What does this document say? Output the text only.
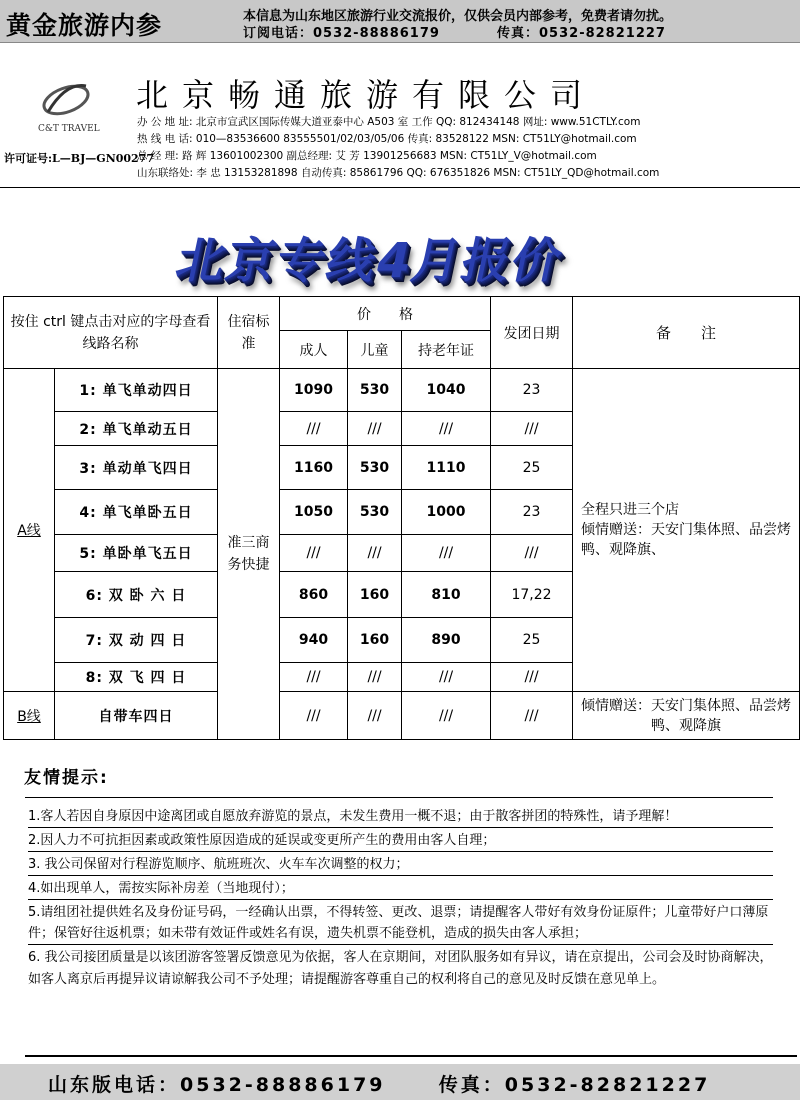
黄金旅游内参	本信息为山东地区旅游行业交流报价，仅供会员内部参考，免费者请勿扰。
订阅电话：0532-88886179	传真：0532-82821227
C&T TRAVEL
许可证号:L—BJ—GN00277
北京畅通旅游有限公司
办 公 地 址: 北京市宣武区国际传媒大道亚泰中心 A503 室 工作 QQ: 812434148 网址: www.51CTLY.com
热 线 电 话: 010—83536600 83555501/02/03/05/06 传真: 83528122 MSN: CT51LY@hotmail.com
总 经 理: 路 辉 13601002300 副总经理: 艾 芳 13901256683 MSN: CT51LY_V@hotmail.com
山东联络处: 李 忠 13153281898 自动传真: 85861796 QQ: 676351826 MSN: CT51LY_QD@hotmail.com
北京专线4月报价
按住 ctrl 键点击对应的字母查看线路名称		住宿标准	价　　格			发团日期	备　　注
			成人	儿童	持老年证		
A线	1: 单飞单动四日	准三商务快捷	1090	530	1040	23	全程只进三个店
倾情赠送：天安门集体照、品尝烤鸭、观降旗、
	2: 单飞单动五日		///	///	///	///	
	3: 单动单飞四日		1160	530	1110	25	
	4: 单飞单卧五日		1050	530	1000	23	
	5: 单卧单飞五日		///	///	///	///	
	6: 双 卧 六 日		860	160	810	17,22	
	7: 双 动 四 日		940	160	890	25	
	8: 双 飞 四 日		///	///	///	///	
B线	自带车四日		///	///	///	///	倾情赠送：天安门集体照、品尝烤鸭、观降旗
友情提示:
1.客人若因自身原因中途离团或自愿放弃游览的景点，未发生费用一概不退；由于散客拼团的特殊性，请予理解！
2.因人力不可抗拒因素或政策性原因造成的延误或变更所产生的费用由客人自理；
3. 我公司保留对行程游览顺序、航班班次、火车车次调整的权力；
4.如出现单人，需按实际补房差（当地现付）；
5.请组团社提供姓名及身份证号码，一经确认出票，不得转签、更改、退票；请提醒客人带好有效身份证原件；儿童带好户口薄原件；保管好往返机票；如未带有效证件或姓名有误，遗失机票不能登机，造成的损失由客人承担；
6. 我公司接团质量是以该团游客签署反馈意见为依据，客人在京期间，对团队服务如有异议，请在京提出，公司会及时协商解决，如客人离京后再提异议请谅解我公司不予处理；请提醒游客尊重自己的权利将自己的意见及时反馈在意见单上。
山东版电话：0532-88886179	传真：0532-82821227
